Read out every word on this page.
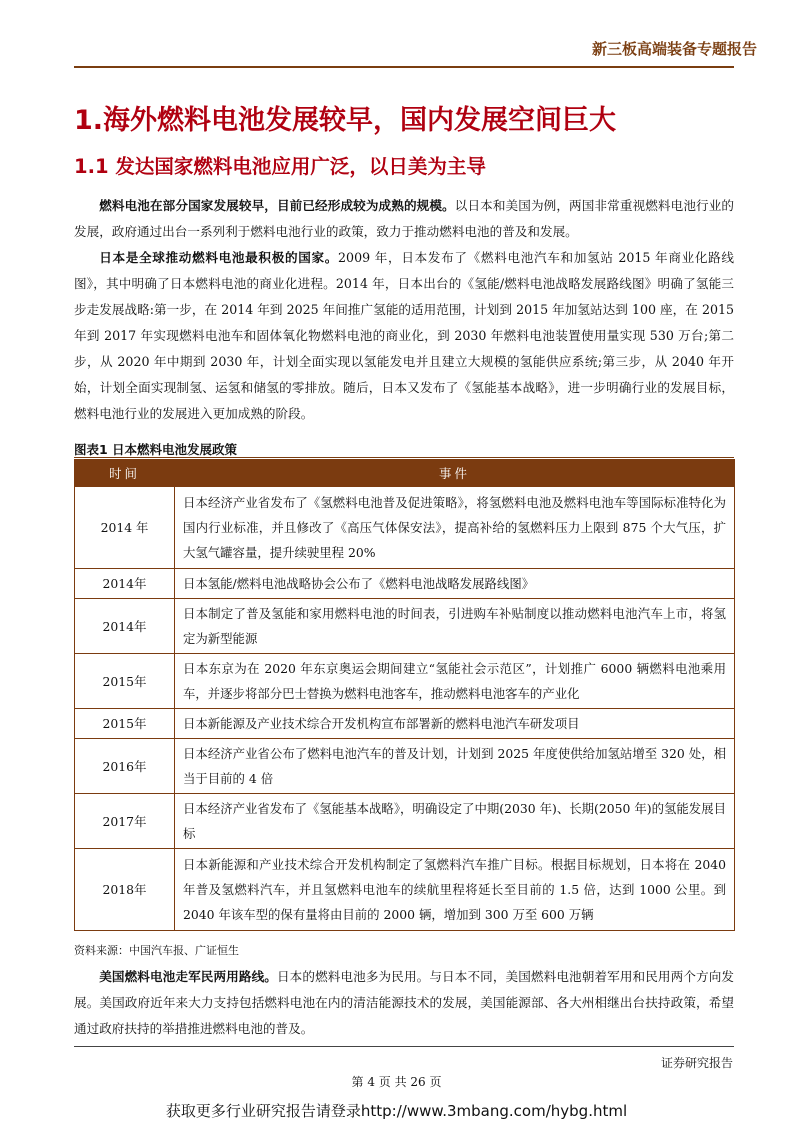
新三板高端装备专题报告
1.海外燃料电池发展较早，国内发展空间巨大
1.1 发达国家燃料电池应用广泛，以日美为主导

燃料电池在部分国家发展较早，目前已经形成较为成熟的规模。以日本和美国为例，两国非常重视燃料电池行业的发展，政府通过出台一系列利于燃料电池行业的政策，致力于推动燃料电池的普及和发展。

日本是全球推动燃料电池最积极的国家。2009 年，日本发布了《燃料电池汽车和加氢站 2015 年商业化路线图》，其中明确了日本燃料电池的商业化进程。2014 年，日本出台的《氢能/燃料电池战略发展路线图》明确了氢能三步走发展战略:第一步，在 2014 年到 2025 年间推广氢能的适用范围，计划到 2015 年加氢站达到 100 座，在 2015 年到 2017 年实现燃料电池车和固体氧化物燃料电池的商业化，到 2030 年燃料电池装置使用量实现 530 万台;第二步，从 2020 年中期到 2030 年，计划全面实现以氢能发电并且建立大规模的氢能供应系统;第三步，从 2040 年开始，计划全面实现制氢、运氢和储氢的零排放。随后，日本又发布了《氢能基本战略》，进一步明确行业的发展目标，燃料电池行业的发展进入更加成熟的阶段。

图表1 日本燃料电池发展政策
时间	事件
2014 年	日本经济产业省发布了《氢燃料电池普及促进策略》，将氢燃料电池及燃料电池车等国际标准特化为国内行业标准，并且修改了《高压气体保安法》，提高补给的氢燃料压力上限到 875 个大气压，扩大氢气罐容量，提升续驶里程 20%
2014年	日本氢能/燃料电池战略协会公布了《燃料电池战略发展路线图》
2014年	日本制定了普及氢能和家用燃料电池的时间表，引进购车补贴制度以推动燃料电池汽车上市，将氢定为新型能源
2015年	日本东京为在 2020 年东京奥运会期间建立“氢能社会示范区”，计划推广 6000 辆燃料电池乘用车，并逐步将部分巴士替换为燃料电池客车，推动燃料电池客车的产业化
2015年	日本新能源及产业技术综合开发机构宣布部署新的燃料电池汽车研发项目
2016年	日本经济产业省公布了燃料电池汽车的普及计划，计划到 2025 年度使供给加氢站增至 320 处，相当于目前的 4 倍
2017年	日本经济产业省发布了《氢能基本战略》，明确设定了中期(2030 年)、长期(2050 年)的氢能发展目标
2018年	日本新能源和产业技术综合开发机构制定了氢燃料汽车推广目标。根据目标规划，日本将在 2040 年普及氢燃料汽车，并且氢燃料电池车的续航里程将延长至目前的 1.5 倍，达到 1000 公里。到 2040 年该车型的保有量将由目前的 2000 辆，增加到 300 万至 600 万辆
资料来源：中国汽车报、广证恒生

美国燃料电池走军民两用路线。日本的燃料电池多为民用。与日本不同，美国燃料电池朝着军用和民用两个方向发展。美国政府近年来大力支持包括燃料电池在内的清洁能源技术的发展，美国能源部、各大州相继出台扶持政策，希望通过政府扶持的举措推进燃料电池的普及。

证券研究报告
第 4 页 共 26 页
获取更多行业研究报告请登录http://www.3mbang.com/hybg.html
